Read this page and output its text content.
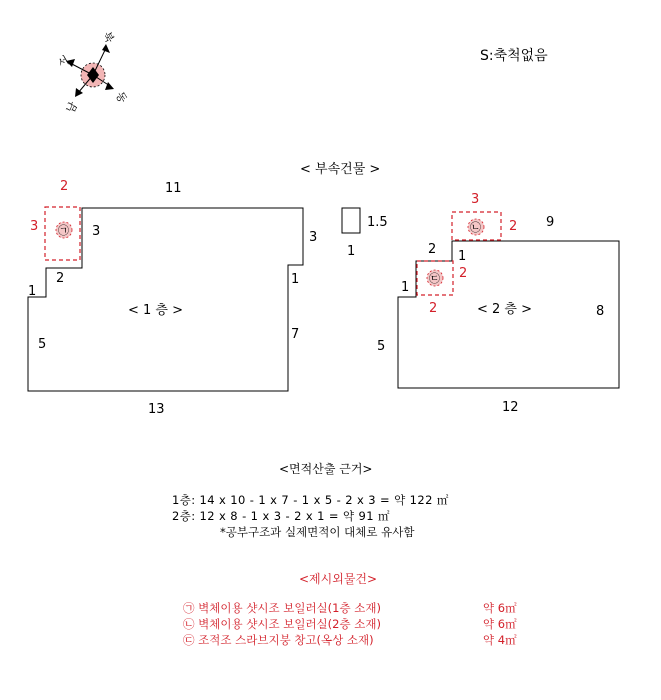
북
서
남
동
㉠
11
2
3	3
2
1
5
13
3
1
7
< 1 층 >
1.5
1
㉡
㉢
3
2 9
2 1
2
2
1
5
8
12
< 2 층 >
S:축척없음
< 부속건물 >
<면적산출 근거>
1층: 14 x 10 - 1 x 7 - 1 x 5 - 2 x 3 = 약 122 ㎡
2층: 12 x 8 - 1 x 3 - 2 x 1 = 약 91 ㎡
*공부구조과 실제면적이 대체로 유사함
<제시외물건>
㉠ 벽체이용 샷시조 보일러실(1층 소재)	약 6㎡
㉡ 벽체이용 샷시조 보일러실(2층 소재)	약 6㎡
㉢ 조적조 스라브지붕 창고(옥상 소재)	약 4㎡
